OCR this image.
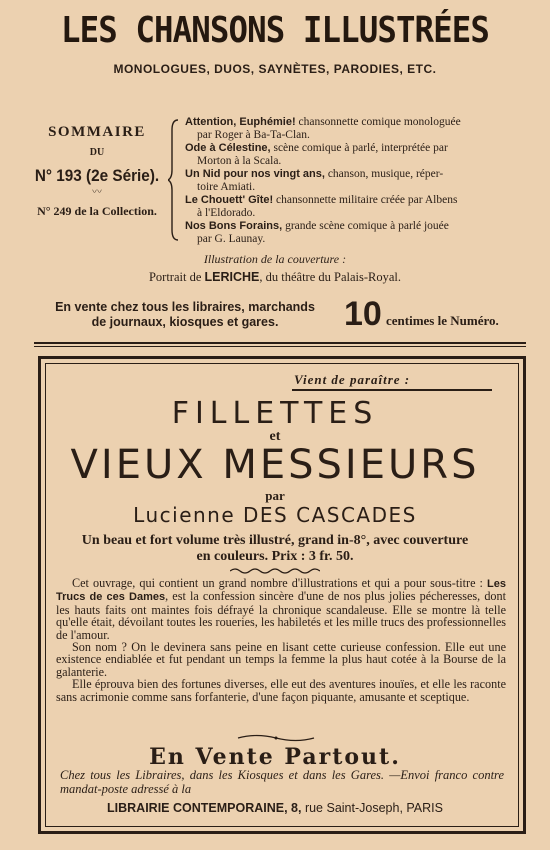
LES CHANSONS ILLUSTRÉES
MONOLOGUES, DUOS, SAYNÈTES, PARODIES, ETC.
SOMMAIRE
DU
N° 193 (2e Série).
〰
N° 249 de la Collection.
Attention, Euphémie! chansonnette comique monologuée
par Roger à Ba-Ta-Clan.
Ode à Célestine, scène comique à parlé, interprétée par
Morton à la Scala.
Un Nid pour nos vingt ans, chanson, musique, réper-
toire Amiati.
Le Chouett' Gîte! chansonnette militaire créée par Albens
à l'Eldorado.
Nos Bons Forains, grande scène comique à parlé jouée
par G. Launay.
Illustration de la couverture :
Portrait de LERICHE, du théâtre du Palais-Royal.
En vente chez tous les libraires, marchands
de journaux, kiosques et gares.	10 centimes le Numéro.
Vient de paraître :
FILLETTES
et
VIEUX MESSIEURS
par
Lucienne DES CASCADES
Un beau et fort volume très illustré, grand in-8°, avec couverture
en couleurs. Prix : 3 fr. 50.

Cet ouvrage, qui contient un grand nombre d'illustrations et qui a pour sous-titre : Les Trucs de ces Dames, est la confession sincère d'une de nos plus jolies pécheresses, dont les hauts faits ont maintes fois défrayé la chronique scandaleuse. Elle se montre là telle qu'elle était, dévoilant toutes les roueries, les habiletés et les mille trucs des professionnelles de l'amour.

Son nom ? On le devinera sans peine en lisant cette curieuse confession. Elle eut une existence endiablée et fut pendant un temps la femme la plus haut cotée à la Bourse de la galanterie.

Elle éprouva bien des fortunes diverses, elle eut des aventures inouïes, et elle les raconte sans acrimonie comme sans forfanterie, d'une façon piquante, amusante et sceptique.

En Vente Partout.
Chez tous les Libraires, dans les Kiosques et dans les Gares. —Envoi franco contre mandat-poste adressé à la
LIBRAIRIE CONTEMPORAINE, 8, rue Saint-Joseph, PARIS
